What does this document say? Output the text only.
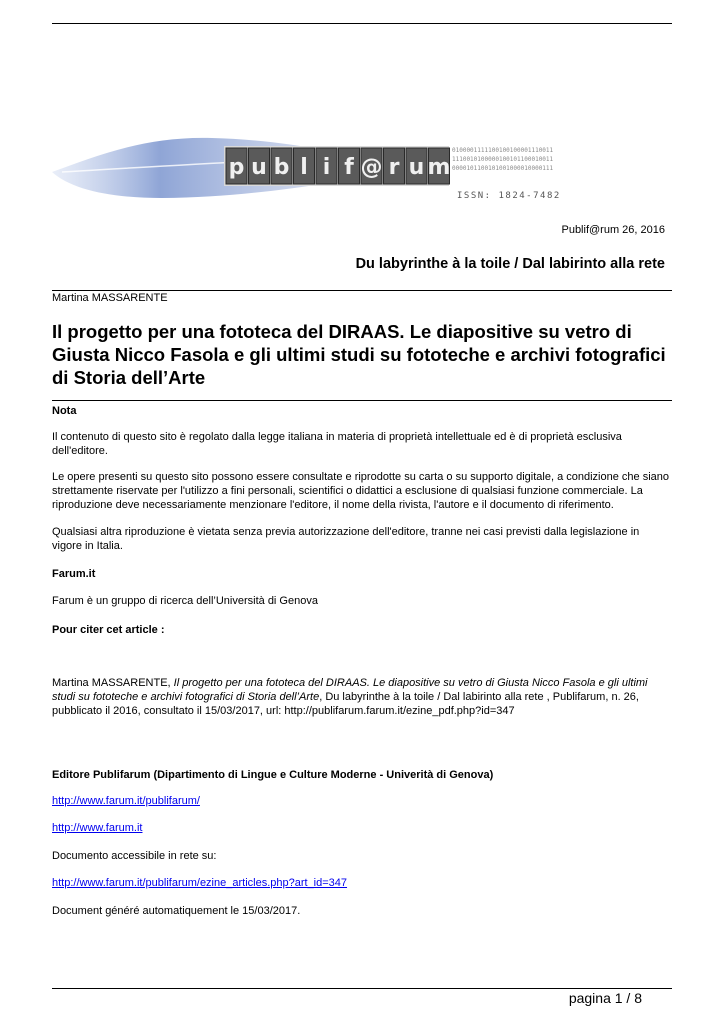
p u b l i f @ r u m
0100001111100100100001110011
1110010100000100101100010011
0000101100101001000010000111
ISSN: 1824-7482
Publif@rum 26, 2016
Du labyrinthe à la toile / Dal labirinto alla rete
Martina MASSARENTE
Il progetto per una fototeca del DIRAAS. Le diapositive su vetro di Giusta Nicco Fasola e gli ultimi studi su fototeche e archivi fotografici di Storia dell’Arte
Nota
Il contenuto di questo sito è regolato dalla legge italiana in materia di proprietà intellettuale ed è di proprietà esclusiva dell'editore.
Le opere presenti su questo sito possono essere consultate e riprodotte su carta o su supporto digitale, a condizione che siano strettamente riservate per l'utilizzo a fini personali, scientifici o didattici a esclusione di qualsiasi funzione commerciale. La riproduzione deve necessariamente menzionare l'editore, il nome della rivista, l'autore e il documento di riferimento.
Qualsiasi altra riproduzione è vietata senza previa autorizzazione dell'editore, tranne nei casi previsti dalla legislazione in vigore in Italia.
Farum.it
Farum è un gruppo di ricerca dell’Università di Genova
Pour citer cet article :
Martina MASSARENTE, Il progetto per una fototeca del DIRAAS. Le diapositive su vetro di Giusta Nicco Fasola e gli ultimi studi su fototeche e archivi fotografici di Storia dell’Arte, Du labyrinthe à la toile / Dal labirinto alla rete , Publifarum, n. 26, pubblicato il 2016, consultato il 15/03/2017, url: http://publifarum.farum.it/ezine_pdf.php?id=347
Editore Publifarum (Dipartimento di Lingue e Culture Moderne - Univerità di Genova)
http://www.farum.it/publifarum/
http://www.farum.it
Documento accessibile in rete su:
http://www.farum.it/publifarum/ezine_articles.php?art_id=347
Document généré automatiquement le 15/03/2017.
pagina 1 / 8
